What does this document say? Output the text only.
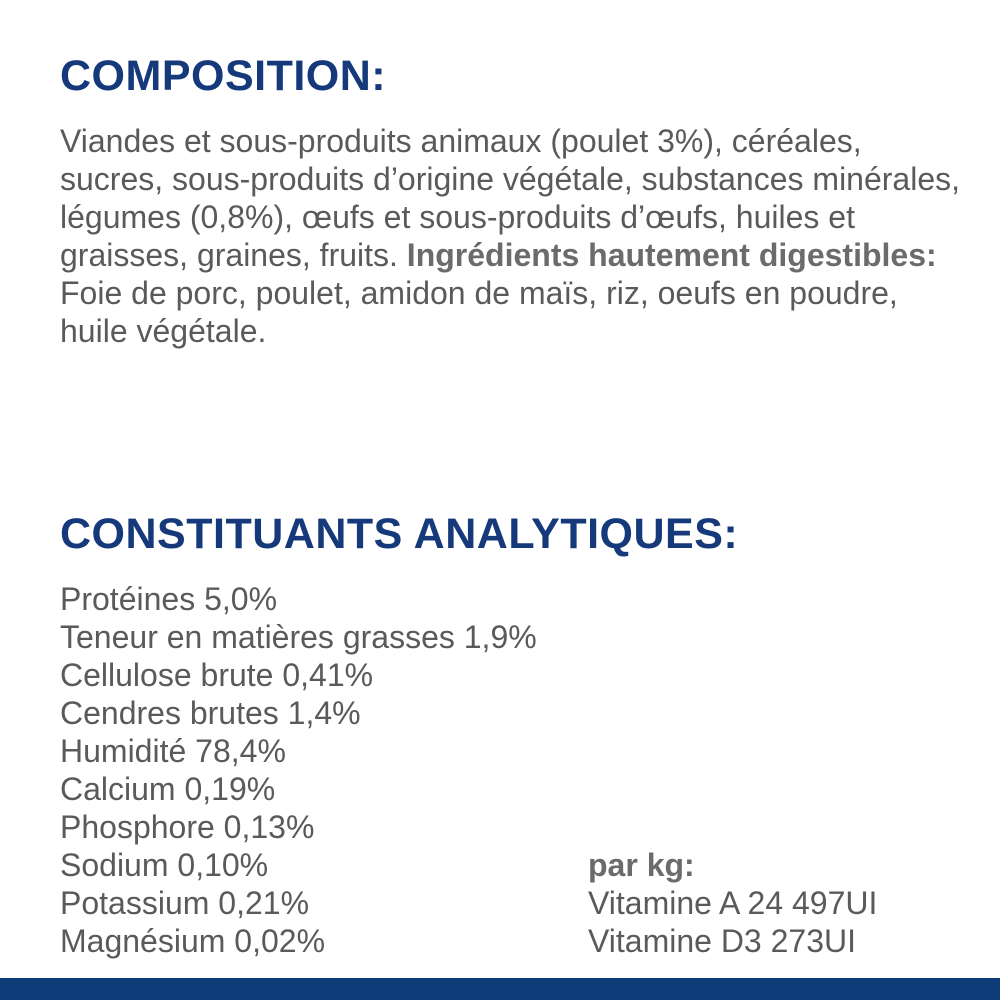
COMPOSITION:

Viandes et sous-produits animaux (poulet 3%), céréales, sucres, sous-produits d’origine végétale, substances minérales, légumes (0,8%), œufs et sous-produits d’œufs, huiles et graisses, graines, fruits. Ingrédients hautement digestibles: Foie de porc, poulet, amidon de maïs, riz, oeufs en poudre, huile végétale.

CONSTITUANTS ANALYTIQUES:
Protéines 5,0%
Teneur en matières grasses 1,9%
Cellulose brute 0,41%
Cendres brutes 1,4%
Humidité 78,4%
Calcium 0,19%
Phosphore 0,13%
Sodium 0,10%
Potassium 0,21%
Magnésium 0,02%
par kg:
Vitamine A 24 497UI
Vitamine D3 273UI
